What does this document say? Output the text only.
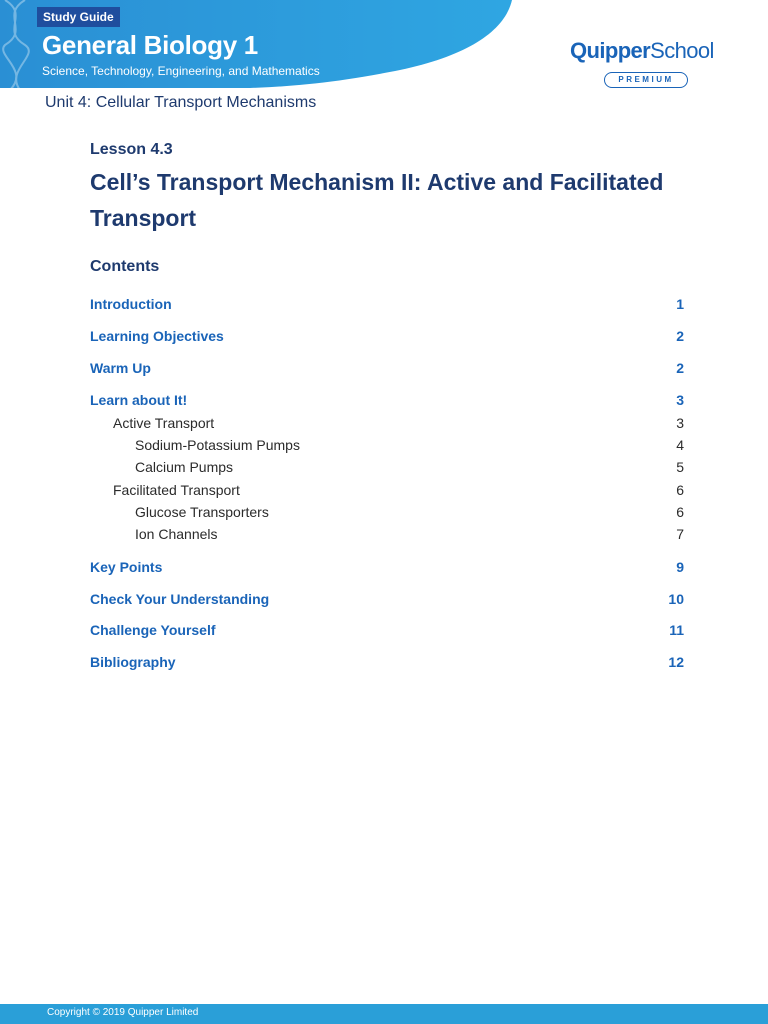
Study Guide
General Biology 1
Science, Technology, Engineering, and Mathematics
QuipperSchool
PREMIUM
Unit 4: Cellular Transport Mechanisms
Lesson 4.3
Cell’s Transport Mechanism II: Active and Facilitated Transport
Contents
Introduction	1
Learning Objectives	2
Warm Up	2
Learn about It!	3
Active Transport	3
Sodium-Potassium Pumps	4
Calcium Pumps	5
Facilitated Transport	6
Glucose Transporters	6
Ion Channels	7
Key Points	9
Check Your Understanding	10
Challenge Yourself	11
Bibliography	12
Copyright © 2019 Quipper Limited
